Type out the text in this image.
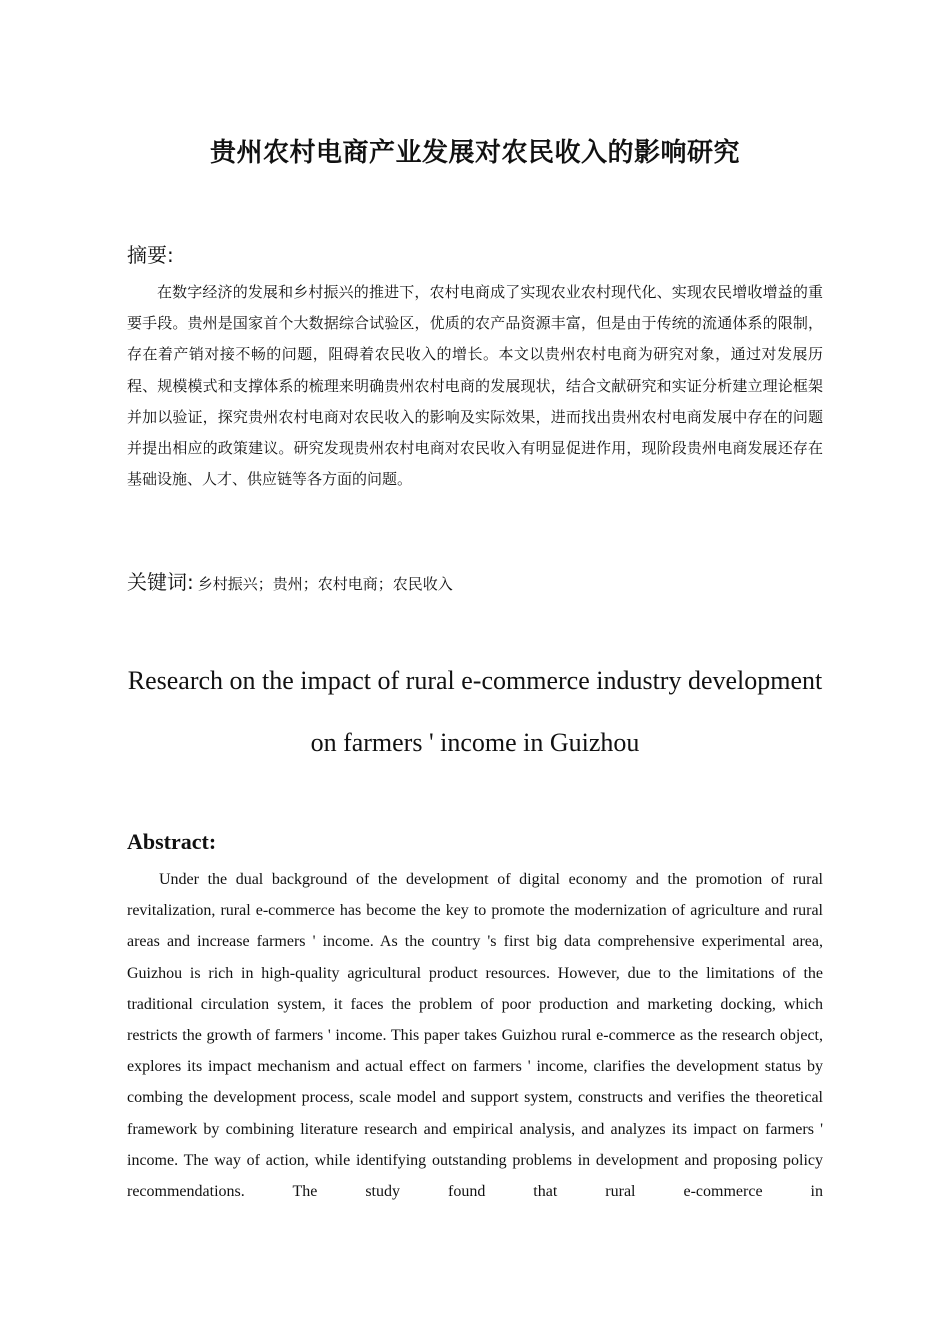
贵州农村电商产业发展对农民收入的影响研究
摘要:

在数字经济的发展和乡村振兴的推进下，农村电商成了实现农业农村现代化、实现农民增收增益的重要手段。贵州是国家首个大数据综合试验区，优质的农产品资源丰富，但是由于传统的流通体系的限制，存在着产销对接不畅的问题，阻碍着农民收入的增长。本文以贵州农村电商为研究对象，通过对发展历程、规模模式和支撑体系的梳理来明确贵州农村电商的发展现状，结合文献研究和实证分析建立理论框架并加以验证，探究贵州农村电商对农民收入的影响及实际效果，进而找出贵州农村电商发展中存在的问题并提出相应的政策建议。研究发现贵州农村电商对农民收入有明显促进作用，现阶段贵州电商发展还存在基础设施、人才、供应链等各方面的问题。

关键词: 乡村振兴；贵州；农村电商；农民收入
Research on the impact of rural e-commerce industry development
on farmers ' income in Guizhou
Abstract:

Under the dual background of the development of digital economy and the promotion of rural revitalization, rural e-commerce has become the key to promote the modernization of agriculture and rural areas and increase farmers ' income. As the country 's first big data comprehensive experimental area, Guizhou is rich in high-quality agricultural product resources. However, due to the limitations of the traditional circulation system, it faces the problem of poor production and marketing docking, which restricts the growth of farmers ' income. This paper takes Guizhou rural e-commerce as the research object, explores its impact mechanism and actual effect on farmers ' income, clarifies the development status by combing the development process, scale model and support system, constructs and verifies the theoretical framework by combining literature research and empirical analysis, and analyzes its impact on farmers ' income. The way of action, while identifying outstanding problems in development and proposing policy recommendations. The study found that rural e-commerce in
